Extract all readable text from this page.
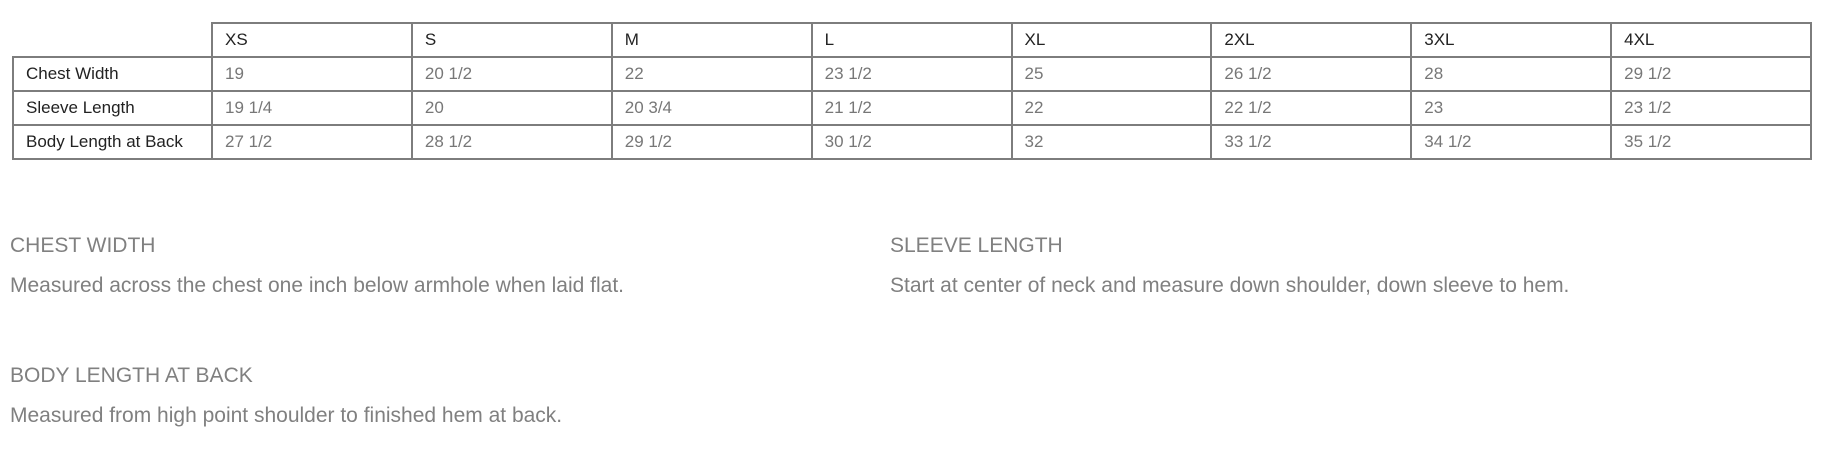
	XS	S	M	L	XL	2XL	3XL	4XL
Chest Width	19	20 1/2	22	23 1/2	25	26 1/2	28	29 1/2
Sleeve Length	19 1/4	20	20 3/4	21 1/2	22	22 1/2	23	23 1/2
Body Length at Back	27 1/2	28 1/2	29 1/2	30 1/2	32	33 1/2	34 1/2	35 1/2

CHEST WIDTH

Measured across the chest one inch below armhole when laid flat.

SLEEVE LENGTH

Start at center of neck and measure down shoulder, down sleeve to hem.

BODY LENGTH AT BACK

Measured from high point shoulder to finished hem at back.
